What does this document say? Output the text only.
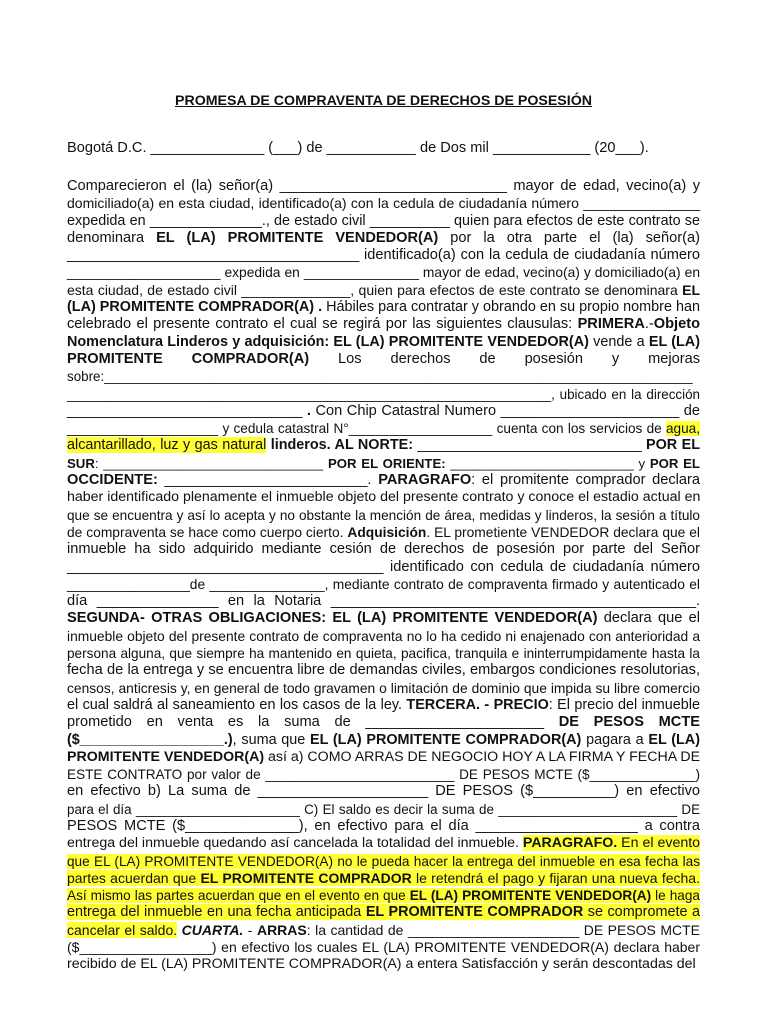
PROMESA DE COMPRAVENTA DE DERECHOS DE POSESIÓN
Bogotá D.C. ______________ (___) de ___________ de Dos mil ____________ (20___).
Comparecieron el (la) señor(a) ____________________________ mayor de edad, vecino(a) y
domiciliado(a) en esta ciudad, identificado(a) con la cedula de ciudadanía número _______________
expedida en ______________., de estado civil __________ quien para efectos de este contrato se
denominara EL (LA) PROMITENTE VENDEDOR(A) por la otra parte el (la) señor(a)
____________________________________ identificado(a) con la cedula de ciudadanía número
____________________ expedida en _______________ mayor de edad, vecino(a) y domiciliado(a) en
esta ciudad, de estado civil ______________, quien para efectos de este contrato se denominara EL
(LA) PROMITENTE COMPRADOR(A) . Hábiles para contratar y obrando en su propio nombre han
celebrado el presente contrato el cual se regirá por las siguientes clausulas: PRIMERA.-Objeto
Nomenclatura Linderos y adquisición: EL (LA) PROMITENTE VENDEDOR(A) vende a EL (LA)
PROMITENTE COMPRADOR(A) Los derechos de posesión y mejoras
sobre:_______________________________________________________________________________
_________________________________________________________________, ubicado en la dirección
_____________________________ . Con Chip Catastral Numero ______________________ de
____________________ y cedula catastral N°___________________ cuenta con los servicios de agua,
alcantarillado, luz y gas natural linderos. AL NORTE: ____________________________ POR EL
SUR: ______________________________ POR EL ORIENTE: _________________________ y POR EL
OCCIDENTE: _________________________. PARAGRAFO: el promitente comprador declara
haber identificado plenamente el inmueble objeto del presente contrato y conoce el estadio actual en
que se encuentra y así lo acepta y no obstante la mención de área, medidas y linderos, la sesión a título
de compraventa se hace como cuerpo cierto. Adquisición. EL prometiente VENDEDOR declara que el
inmueble ha sido adquirido mediante cesión de derechos de posesión por parte del Señor
_______________________________________ identificado con cedula de ciudadanía número
________________de _______________, mediante contrato de compraventa firmado y autenticado el
día _______________ en la Notaria _____________________________________________.
SEGUNDA- OTRAS OBLIGACIONES: EL (LA) PROMITENTE VENDEDOR(A) declara que el
inmueble objeto del presente contrato de compraventa no lo ha cedido ni enajenado con anterioridad a
persona alguna, que siempre ha mantenido en quieta, pacifica, tranquila e ininterrumpidamente hasta la
fecha de la entrega y se encuentra libre de demandas civiles, embargos condiciones resolutorias,
censos, anticresis y, en general de todo gravamen o limitación de dominio que impida su libre comercio
el cual saldrá al saneamiento en los casos de la ley. TERCERA. - PRECIO: El precio del inmueble
prometido en venta es la suma de ______________________ DE PESOS MCTE
($__________________.), suma que EL (LA) PROMITENTE COMPRADOR(A) pagara a EL (LA)
PROMITENTE VENDEDOR(A) así a) COMO ARRAS DE NEGOCIO HOY A LA FIRMA Y FECHA DE
ESTE CONTRATO por valor de _________________________ DE PESOS MCTE ($______________)
en efectivo b) La suma de _____________________ DE PESOS ($__________) en efectivo
para el día ______________________ C) El saldo es decir la suma de ________________________ DE
PESOS MCTE ($______________), en efectivo para el día ____________________ a contra
entrega del inmueble quedando así cancelada la totalidad del inmueble. PARAGRAFO. En el evento
que EL (LA) PROMITENTE VENDEDOR(A) no le pueda hacer la entrega del inmueble en esa fecha las
partes acuerdan que EL PROMITENTE COMPRADOR le retendrá el pago y fijaran una nueva fecha.
Así mismo las partes acuerdan que en el evento en que EL (LA) PROMITENTE VENDEDOR(A) le haga
entrega del inmueble en una fecha anticipada EL PROMITENTE COMPRADOR se compromete a
cancelar el saldo. CUARTA. - ARRAS: la cantidad de ______________________ DE PESOS MCTE
($_________________) en efectivo los cuales EL (LA) PROMITENTE VENDEDOR(A) declara haber
recibido de EL (LA) PROMITENTE COMPRADOR(A) a entera Satisfacción y serán descontadas del
